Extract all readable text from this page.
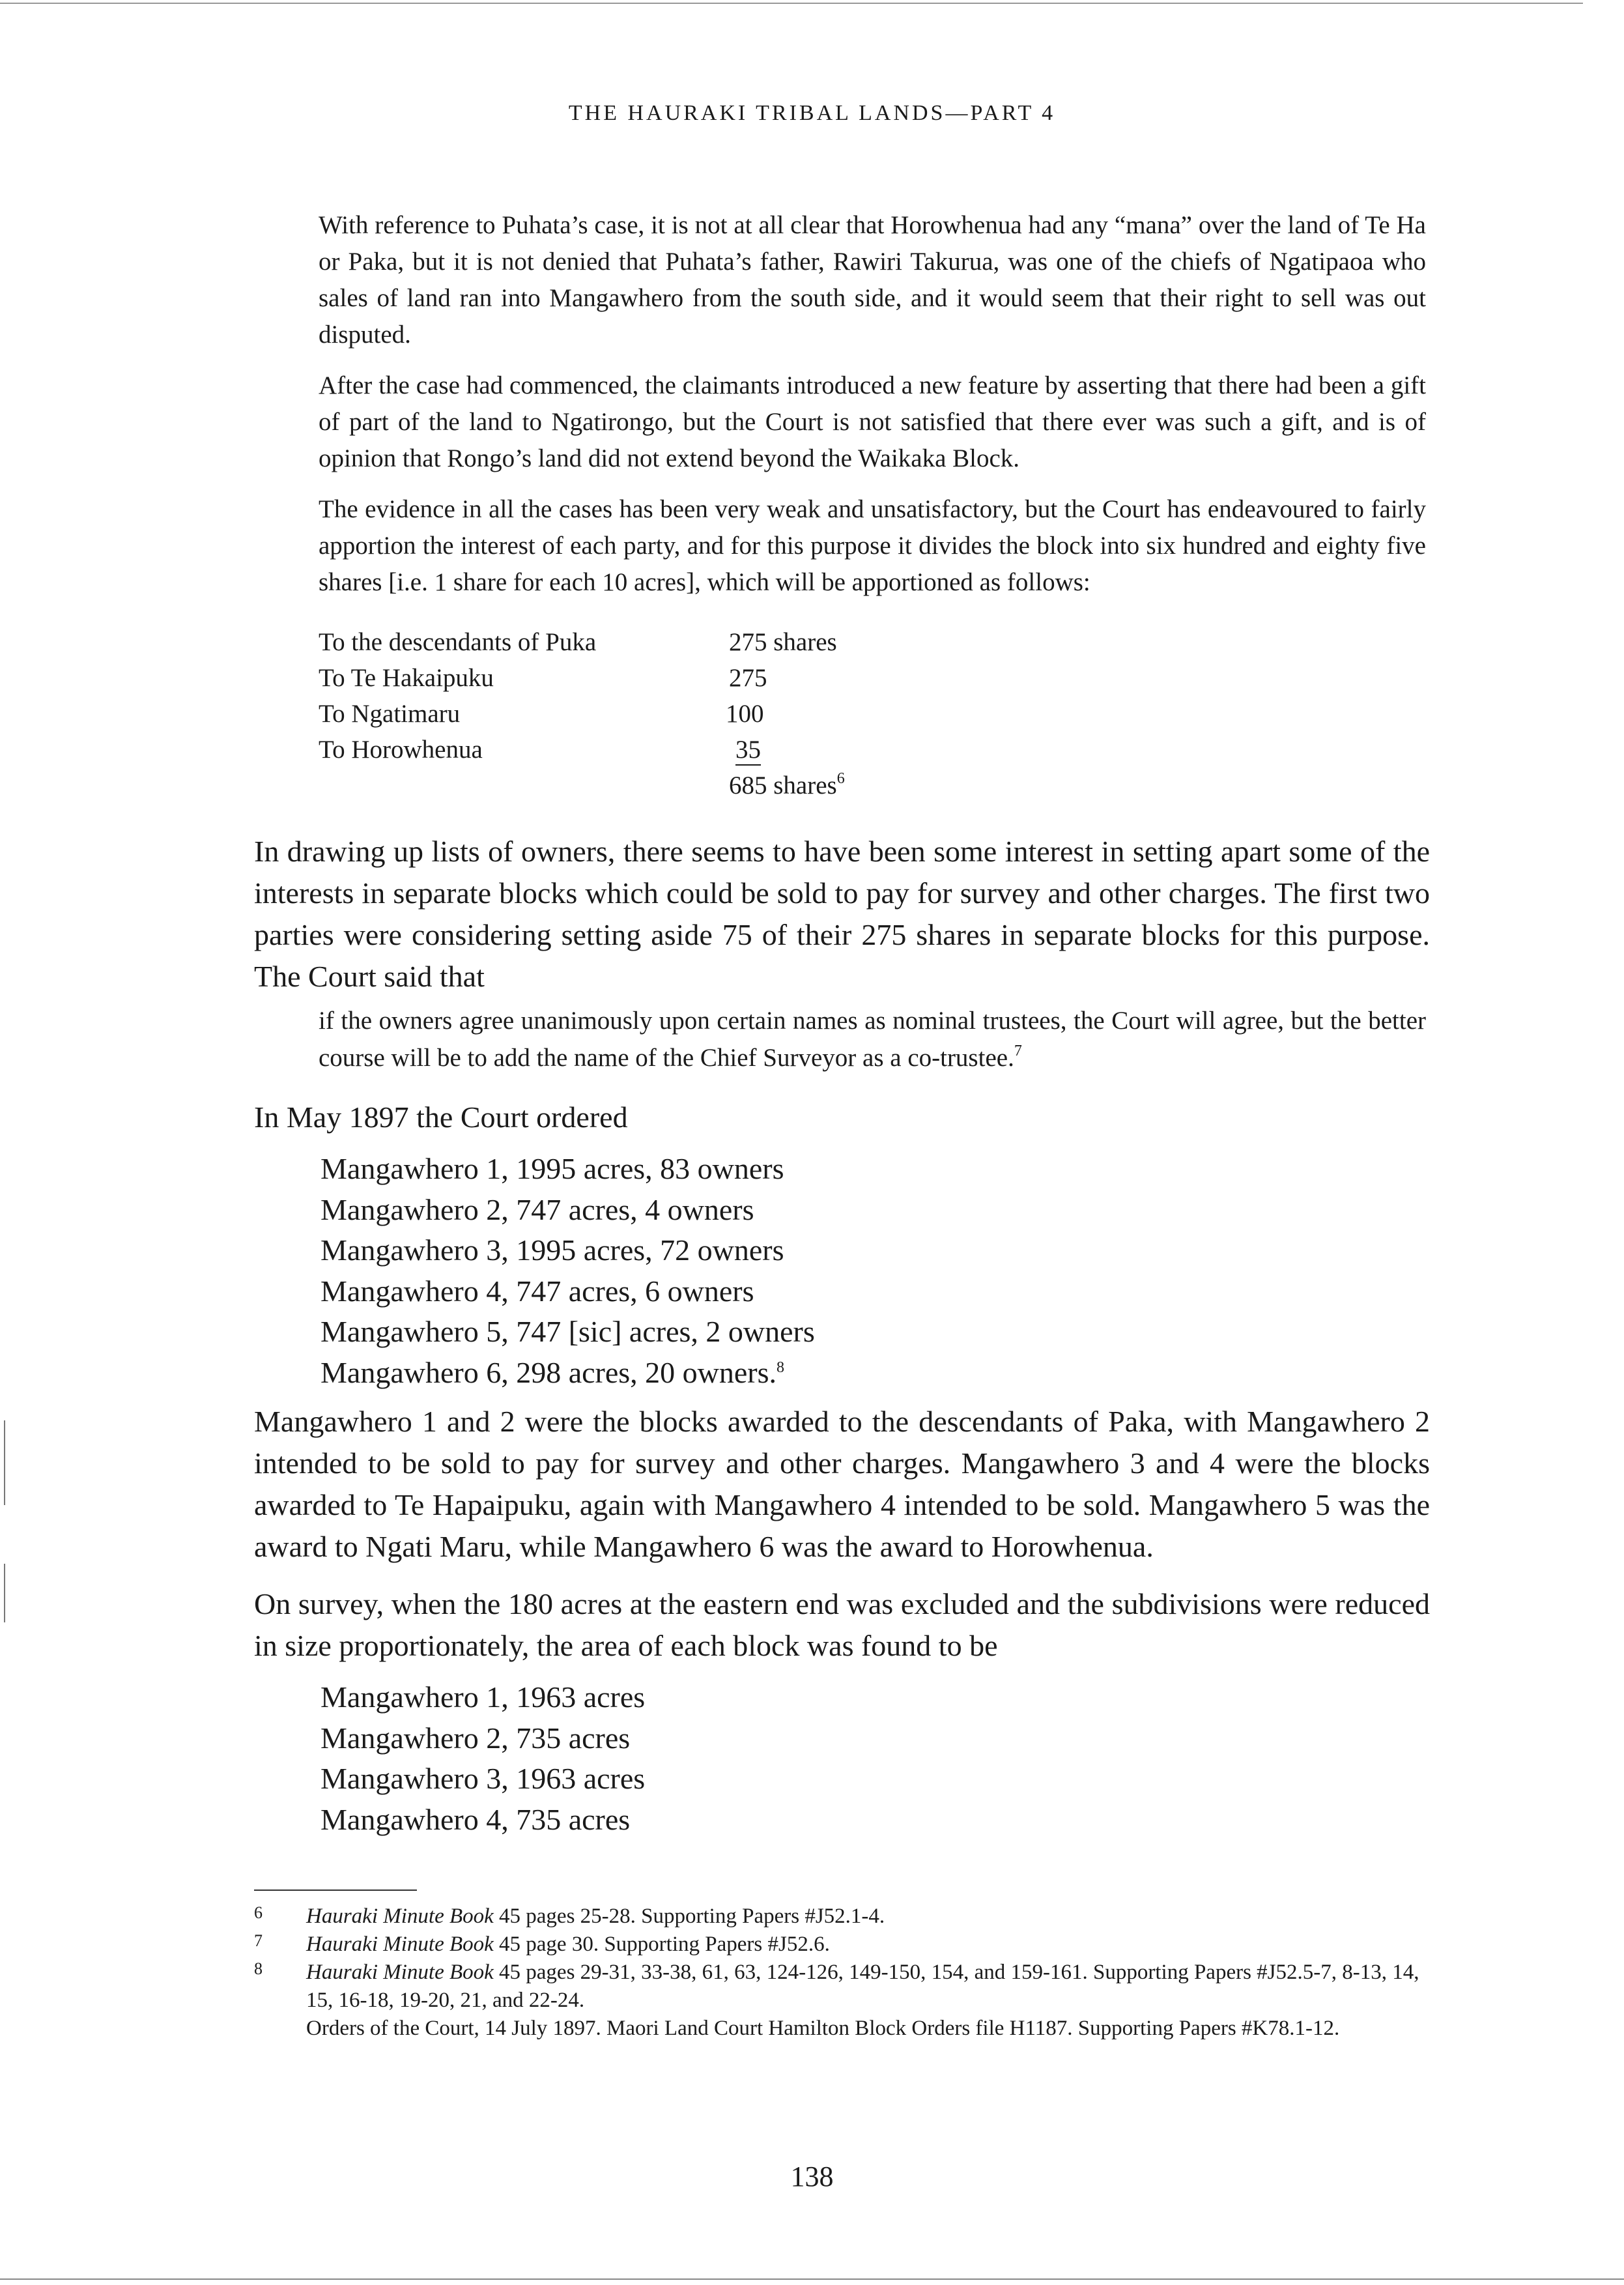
THE HAURAKI TRIBAL LANDS—PART 4

With reference to Puhata’s case, it is not at all clear that Horowhenua had any “mana” over the land of Te Ha or Paka, but it is not denied that Puhata’s father, Rawiri Takurua, was one of the chiefs of Ngatipaoa who sales of land ran into Mangawhero from the south side, and it would seem that their right to sell was out disputed.

After the case had commenced, the claimants introduced a new feature by asserting that there had been a gift of part of the land to Ngatirongo, but the Court is not satisfied that there ever was such a gift, and is of opinion that Rongo’s land did not extend beyond the Waikaka Block.

The evidence in all the cases has been very weak and unsatisfactory, but the Court has endeavoured to fairly apportion the interest of each party, and for this purpose it divides the block into six hundred and eighty five shares [i.e. 1 share for each 10 acres], which will be apportioned as follows:

To the descendants of Puka	275 shares
To Te Hakaipuku	275
To Ngatimaru	100
To Horowhenua	35
685 shares$^6$

In drawing up lists of owners, there seems to have been some interest in setting apart some of the interests in separate blocks which could be sold to pay for survey and other charges. The first two parties were considering setting aside 75 of their 275 shares in separate blocks for this purpose. The Court said that

if the owners agree unanimously upon certain names as nominal trustees, the Court will agree, but the better course will be to add the name of the Chief Surveyor as a co-trustee.$^7$

In May 1897 the Court ordered

Mangawhero 1, 1995 acres, 83 owners
Mangawhero 2, 747 acres, 4 owners
Mangawhero 3, 1995 acres, 72 owners
Mangawhero 4, 747 acres, 6 owners
Mangawhero 5, 747 [sic] acres, 2 owners
Mangawhero 6, 298 acres, 20 owners.$^8$

Mangawhero 1 and 2 were the blocks awarded to the descendants of Paka, with Mangawhero 2 intended to be sold to pay for survey and other charges. Mangawhero 3 and 4 were the blocks awarded to Te Hapaipuku, again with Mangawhero 4 intended to be sold. Mangawhero 5 was the award to Ngati Maru, while Mangawhero 6 was the award to Horowhenua.

On survey, when the 180 acres at the eastern end was excluded and the subdivisions were reduced in size proportionately, the area of each block was found to be

Mangawhero 1, 1963 acres
Mangawhero 2, 735 acres
Mangawhero 3, 1963 acres
Mangawhero 4, 735 acres
6 Hauraki Minute Book 45 pages 25-28. Supporting Papers #J52.1-4.
7 Hauraki Minute Book 45 page 30. Supporting Papers #J52.6.
8 Hauraki Minute Book 45 pages 29-31, 33-38, 61, 63, 124-126, 149-150, 154, and 159-161. Supporting Papers #J52.5-7, 8-13, 14, 15, 16-18, 19-20, 21, and 22-24.
Orders of the Court, 14 July 1897. Maori Land Court Hamilton Block Orders file H1187. Supporting Papers #K78.1-12.
138
